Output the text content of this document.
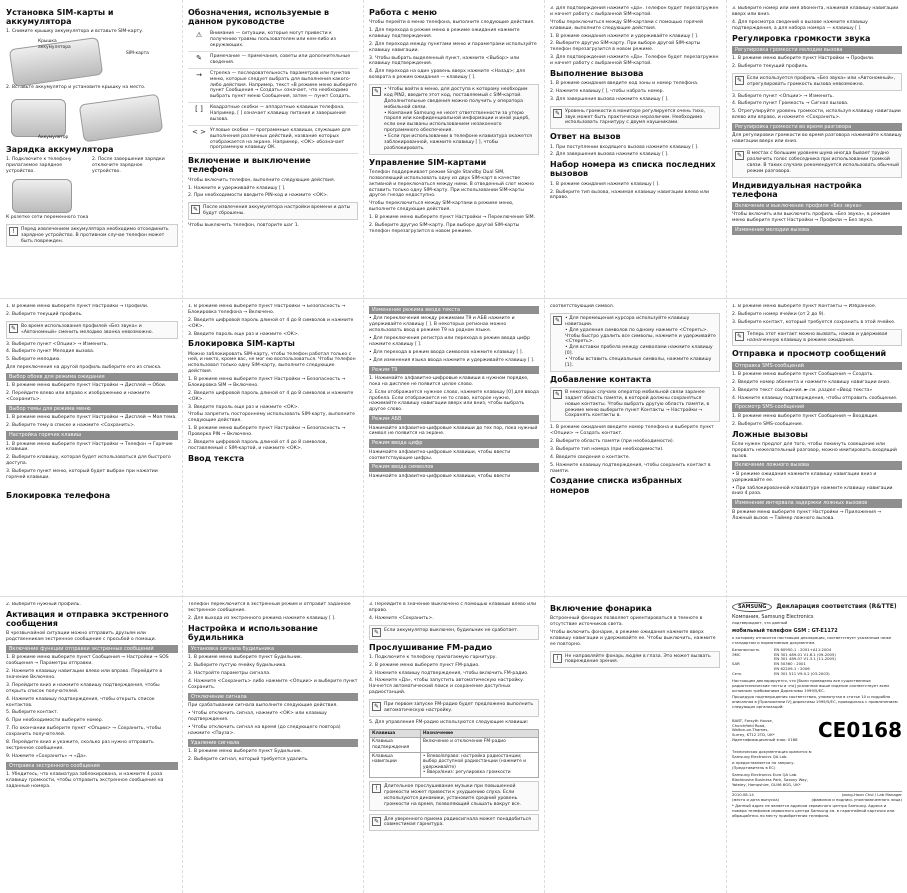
Установка SIM-карты и аккумулятора
1. Снимите крышку аккумулятора и вставьте SIM-карту.
Крышка аккумулятора
SIM-карта
2. Вставьте аккумулятор и установите крышку на место.
Аккумулятор
Зарядка аккумулятора
1. Подключите к телефону прилагаемое зарядное устройство.
2. После завершения зарядки отключите зарядное устройство.
К розетке сети переменного тока
!	Перед извлечением аккумулятора необходимо отсоединить зарядное устройство. В противном случае телефон может быть поврежден.
Обозначения, используемые в данном руководстве
⚠	Внимание — ситуации, которые могут привести к получению травмы пользователем или кем-либо из окружающих.
✎	Примечание — примечания, советы или дополнительные сведения.
→	Стрелка — последовательность параметров или пунктов меню, которые следует выбрать для выполнения какого-либо действия. Например, текст «В режиме меню выберите пункт Сообщения → Создать» означает, что необходимо выбрать пункт меню Сообщения, затем — пункт Создать.
[ ]	Квадратные скобки — аппаратные клавиши телефона. Например, [ ] означает клавишу питания и завершения вызова.
< > Угловые скобки — программные клавиши, служащие для выполнения различных действий, название которых отображается на экране. Например, <ОК> обозначает программную клавишу ОК.
Включение и выключение телефона
Чтобы включить телефон, выполните следующие действия.
1. Нажмите и удерживайте клавишу [ ].
2. При необходимости введите PIN-код и нажмите <ОК>.
✎	После извлечения аккумулятора настройки времени и даты будут сброшены.
Чтобы выключить телефон, повторите шаг 1.
Работа с меню
Чтобы перейти в меню телефона, выполните следующие действия.
1. Для перехода в режим меню в режиме ожидания нажмите клавишу подтверждения.
2. Для перехода между пунктами меню и параметрами используйте клавишу навигации.
3. Чтобы выбрать выделенный пункт, нажмите <Выбор> или клавишу подтверждения.
4. Для перехода на один уровень вверх нажмите <Назад>; для возврата в режим ожидания — клавишу [ ].
✎	• Чтобы войти в меню, для доступа к которому необходим код PIN2, введите этот код, поставляемый с SIM-картой. Дополнительные сведения можно получить у оператора мобильной связи.
• Компания Samsung не несет ответственности за утерю пароля или конфиденциальной информации и иной ущерб, если они вызваны использованием незаконного программного обеспечения.
• Если при использовании в телефоне клавиатура окажется заблокированной, нажмите клавишу [ ], чтобы разблокировать.
Управление SIM-картами
Телефон поддерживает режим Single Standby Dual SIM, позволяющий использовать одну из двух SIM-карт в качестве активной и переключаться между ними. В отведенный слот можно вставить только одну SIM-карту. При использовании SIM-карты другое гнездо недоступно.
Чтобы переключиться между SIM-картами в режиме меню, выполните следующие действия.
1. В режиме меню выберите пункт Настройки → Переключение SIM.
2. Выберите другую SIM-карту. При выборе другой SIM-карты телефон перезагрузится в новом режиме.
3. Для подтверждения нажмите «Да». Телефон будет перезагружен и начнет работу с выбранной SIM-картой.
Чтобы переключиться между SIM-картами с помощью горячей клавиши, выполните следующие действия.
1. В режиме ожидания нажмите и удерживайте клавишу [ ].
2. Выберите другую SIM-карту. При выборе другой SIM-карты телефон перезагрузится в новом режиме.
3. Для подтверждения нажмите «Да». Телефон будет перезагружен и начнет работу с выбранной SIM-картой.
Выполнение вызова
1. В режиме ожидания введите код зоны и номер телефона.
2. Нажмите клавишу [ ], чтобы набрать номер.
3. Для завершения вызова нажмите клавишу [ ].
✎	Уровень громкости в мониторе регулируется очень тихо, звук может быть практически неразличим. Необходимо использовать гарнитуру с двумя наушниками.
Ответ на вызов
1. При поступлении входящего вызова нажмите клавишу [ ].
2. Для завершения вызова нажмите клавишу [ ].
Набор номера из списка последних вызовов
1. В режиме ожидания нажмите клавишу [ ].
2. Выберите тип вызова, нажимая клавишу навигации влево или вправо.
3. Выберите номер или имя абонента, нажимая клавишу навигации вверх или вниз.
4. Для просмотра сведений о вызове нажмите клавишу подтверждения, а для набора номера — клавишу [ ].
Регулировка громкости звука
Регулировка громкости мелодии вызова
1. В режиме меню выберите пункт Настройки → Профили.
2. Выберите текущий профиль.
✎	Если используется профиль «Без звука» или «Автономный», отрегулировать громкость вызова невозможно.
3. Выберите пункт <Опции> → Изменить.
4. Выберите пункт Громкость → Сигнал вызова.
5. Отрегулируйте уровень громкости, используя клавишу навигации влево или вправо, и нажмите <Сохранить>.
Регулировка громкости во время разговора
Для регулировки громкости во время разговора нажимайте клавишу навигации вверх или вниз.
✎	В местах с большим уровнем шума иногда бывает трудно различить голос собеседника при использовании громкой связи. В таких случаях рекомендуется использовать обычный режим разговора.
Индивидуальная настройка телефона
Включение и выключение профиля «Без звука»
Чтобы включить или выключить профиль «Без звука», в режиме меню выберите пункт Настройки → Профили → Без звука.
Изменение мелодии вызова
1. В режиме меню выберите пункт Настройки → Профили.
2. Выберите текущий профиль.
✎	Во время использования профилей «Без звука» и «Автономный» сменить мелодию звонка невозможно.
3. Выберите пункт <Опции> → Изменить.
4. Выберите пункт Мелодия вызова.
5. Выберите мелодию.
Для переключения на другой профиль выберите его из списка.
Выбор обоев для режима ожидания
1. В режиме меню выберите пункт Настройки → Дисплей → Обои.
2. Перейдите влево или вправо к изображению и нажмите <Сохранить>.
Выбор темы для режима меню
1. В режиме меню выберите пункт Настройки → Дисплей → Моя тема.
2. Выберите тему в списке и нажмите <Сохранить>.
Настройка горячих клавиш
1. В режиме меню выберите пункт Настройки → Телефон → Горячие клавиши.
2. Выберите клавишу, которая будет использоваться для быстрого доступа.
3. Выберите пункт меню, который будет выбран при нажатии горячей клавиши.
Блокировка телефона
1. В режиме меню выберите пункт Настройки → Безопасность → Блокировка телефона → Включено.
2. Введите цифровой пароль длиной от 4 до 8 символов и нажмите <ОК>.
3. Введите пароль еще раз и нажмите <ОК>.
Блокировка SIM-карты
Можно заблокировать SIM-карту, чтобы телефон работал только с ней, и никто, кроме вас, не мог ею воспользоваться. Чтобы телефон использовал только одну SIM-карту, выполните следующие действия.
1. В режиме меню выберите пункт Настройки → Безопасность → Блокировка SIM → Включено.
2. Введите цифровой пароль длиной от 4 до 8 символов и нажмите <ОК>.
3. Введите пароль еще раз и нажмите <ОК>.
Чтобы запретить постороннему использовать SIM-карту, выполните следующие действия.
1. В режиме меню выберите пункт Настройки → Безопасность → Проверка PIN → Включено.
2. Введите цифровой пароль длиной от 4 до 8 символов, поставляемый с SIM-картой, и нажмите <ОК>.
Ввод текста
Изменение режима ввода текста
• Для переключения между режимами T9 и АБВ нажмите и удерживайте клавишу [ ]. В некоторых регионах можно использовать ввод в режиме Т9 на родном языке.
• Для переключения регистра или перехода в режим ввода цифр нажмите клавишу [ ].
• Для перехода в режим ввода символов нажмите клавишу [ ].
• Для изменения языка ввода нажмите и удерживайте клавишу [ ].
Режим T9
1. Нажимайте алфавитно-цифровые клавиши в нужном порядке, пока на дисплее не появится целое слово.
2. Если отображается нужное слово, нажмите клавишу [0] для ввода пробела. Если отображается не то слово, которое нужно, нажимайте клавишу навигации вверх или вниз, чтобы выбрать другое слово.
Режим АБВ
Нажимайте алфавитно-цифровые клавиши до тех пор, пока нужный символ не появится на экране.
Режим ввода цифр
Нажимайте алфавитно-цифровые клавиши, чтобы ввести соответствующие цифры.
Режим ввода символов
Нажимайте алфавитно-цифровые клавиши, чтобы ввести
соответствующий символ.
✎	• Для перемещения курсора используйте клавишу навигации.
• Для удаления символов по одному нажмите <Стереть>. Чтобы быстро удалить все символы, нажмите и удерживайте <Стереть>.
• Для вставки пробела между символами нажмите клавишу [0].
• Чтобы вставить специальные символы, нажмите клавишу [1].
Добавление контакта
✎	В некоторых случаях оператор мобильной связи заранее задает область памяти, в которой должны сохраняться новые контакты. Чтобы выбрать другую область памяти, в режиме меню выберите пункт Контакты → Настройки → Сохранять контакты в.
1. В режиме ожидания введите номер телефона и выберите пункт <Опции> → Создать контакт.
2. Выберите область памяти (при необходимости).
3. Выберите тип номера (при необходимости).
4. Введите сведения о контакте.
5. Нажмите клавишу подтверждения, чтобы сохранить контакт в памяти.
Создание списка избранных номеров
1. В режиме меню выберите пункт Контакты → Избранное.
2. Выберите номер ячейки (от 2 до 9).
3. Выберите контакт, который требуется сохранить в этой ячейке.
✎	Теперь этот контакт можно вызвать, нажав и удерживая назначенную клавишу в режиме ожидания.
Отправка и просмотр сообщений
Отправка SMS-сообщений
1. В режиме меню выберите пункт Сообщения → Создать.
2. Введите номер абонента и нажмите клавишу навигации вниз.
3. Введите текст сообщения. ► см. раздел «Ввод текста»
4. Нажмите клавишу подтверждения, чтобы отправить сообщение.
Просмотр SMS-сообщений
1. В режиме меню выберите пункт Сообщения → Входящие.
2. Выберите SMS-сообщение.
Ложные вызовы
Если нужен предлог для того, чтобы покинуть совещание или прервать нежелательный разговор, можно имитировать входящий вызов.
Включение ложного вызова
• В режиме ожидания нажмите клавишу навигации вниз и удерживайте ее.
• При заблокированной клавиатуре нажмите клавишу навигации вниз 4 раза.
Изменение интервала задержки ложных вызовов
В режиме меню выберите пункт Настройки → Приложения → Ложный вызов → Таймер ложного вызова.
2. Выберите нужный профиль.
Активация и отправка экстренного сообщения
В чрезвычайной ситуации можно отправить друзьям или родственникам экстренное сообщение с просьбой о помощи.
Включение функции отправки экстренных сообщений
1. В режиме меню выберите пункт Сообщения → Настройки → SOS сообщения → Параметры отправки.
2. Нажмите клавишу навигации влево или вправо. Перейдите в значение Включено.
3. Перейдите вниз и нажмите клавишу подтверждения, чтобы открыть список получателей.
4. Нажмите клавишу подтверждения, чтобы открыть список контактов.
5. Выберите контакт.
6. При необходимости выберите номер.
7. По окончании выберите пункт <Опции> → Сохранить, чтобы сохранить получателей.
8. Перейдите вниз и укажите, сколько раз нужно отправить экстренное сообщение.
9. Нажмите «Сохранить» → «Да».
Отправка экстренного сообщения
1. Убедитесь, что клавиатура заблокирована, и нажмите 4 раза клавишу громкости, чтобы отправить экстренное сообщение на заданные номера.
Телефон переключится в экстренный режим и отправит заданное экстренное сообщение.
2. Для выхода из экстренного режима нажмите клавишу [ ].
Настройка и использование будильника
Установка сигнала будильника
1. В режиме меню выберите пункт Будильник.
2. Выберите пустую ячейку будильника.
3. Настройте параметры сигнала.
4. Нажмите <Сохранить> либо нажмите <Опции> и выберите пункт Сохранить.
Отключение сигнала
При срабатывании сигнала выполните следующие действия.
• Чтобы отключить сигнал, нажмите <ОК> или клавишу подтверждения.
• Чтобы отключить сигнал на время (до следующего повтора) нажмите <Пауза>.
Удаление сигнала
1. В режиме меню выберите пункт Будильник.
2. Выберите сигнал, который требуется удалить.
3. Перейдите в значение Выключено с помощью клавиши влево или вправо.
4. Нажмите <Сохранить>.
✎	Если аккумулятор выключен, будильник не сработает.
Прослушивание FM-радио
1. Подключите к телефону прилагаемую гарнитуру.
2. В режиме меню выберите пункт FM-радио.
3. Нажмите клавишу подтверждения, чтобы включить FM-радио.
4. Нажмите «Да», чтобы запустить автоматическую настройку. Начнется автоматический поиск и сохранение доступных радиостанций.
✎	При первом запуске FM-радио будет предложено выполнить автоматическую настройку.
5. Для управления FM-радио используются следующие клавиши:
Клавиша	Назначение
Клавиша подтверждения	Включение и отключение FM-радио
Клавиша навигации	• Влево/вправо: настройка радиостанции; выбор доступной радиостанции (нажмите и удерживайте)
• Вверх/вниз: регулировка громкости
!	Длительное прослушивание музыки при повышенной громкости может привести к ухудшению слуха. Если используются динамики, установите средний уровень громкости на время, позволяющий слышать вокруг все.
✎	Для уверенного приема радиосигнала может понадобиться совместимая гарнитура.
Включение фонарика
Встроенный фонарик позволяет ориентироваться в темноте в отсутствие источников света.
Чтобы включить фонарик, в режиме ожидания нажмите вверх клавишу навигации и удерживайте ее. Чтобы выключить, нажмите ее повторно.
!	Не направляйте фонарь людям в глаза. Это может вызвать повреждение зрения.
SAMSUNG	Декларация соответствия (R&TTE)
Компания, Samsung Electronics
подтверждает, что данный
мобильный телефон GSM : GT-E1172
к которому относится настоящая декларация, соответствует указанным ниже стандартам и нормативным документам.
Безопасность	EN 60950-1 : 2001+A11:2004
ЭМС	EN 301 489-01 V1.6.1 (09-2005)
EN 301 489-07 V1.3.1 (11-2005)
SAR	EN 50360 : 2001
EN 62209-1 : 2006
Сеть	EN 301 511 V9.0.2 (03-2003)
Настоящим декларируется, что [были проведены все существенные радиотехнические тесты и что] указанное выше изделие соответствует всем основным требованиям Директивы 1999/5/EC.
Процедура подтверждения соответствия, упомянутая в статье 10 и подробно описанная в [Приложении IV] директивы 1999/5/EC, проводилась с привлечением следующих организаций:
BABT, Forsyth House,
Churchfield Road,
Walton-on-Thames,
Surrey, KT12 2TD, UK*
Идентификационный знак: 0168 CE0168
Техническая документация хранится в:
Samsung Electronics QA Lab.
и предоставляется по запросу.
(Представитель в ЕС)
Samsung Electronics Euro QA Lab.
Blackbushe Business Park, Saxony Way,
Yateley, Hampshire, GU46 6GG, UK*
2010.08.14	Joong-Hoon Choi / Lab Manager
(место и дата выпуска)	(фамилия и подпись уполномоченного лица)
* Данный адрес не является адресом сервисного центра Samsung. Адреса и номера телефонов сервисного центра Samsung см. в гарантийной карточке или обращайтесь по месту приобретения телефона.
